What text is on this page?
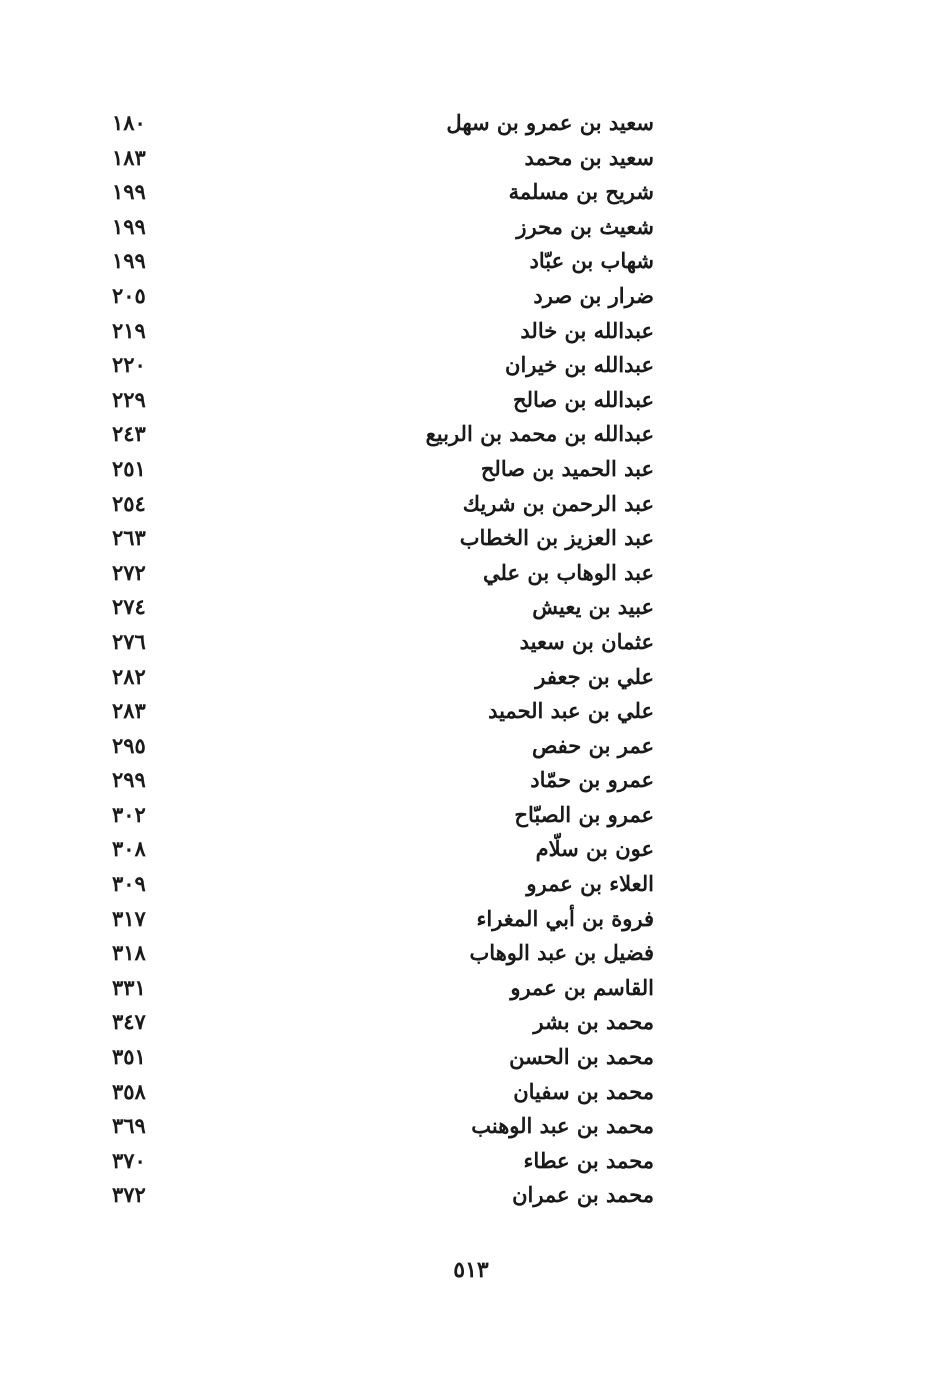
سعيد بن عمرو بن سهل
١٨٠
سعيد بن محمد
١٨٣
شريح بن مسلمة
١٩٩
شعيث بن محرز
١٩٩
شهاب بن عبّاد
١٩٩
ضرار بن صرد
٢٠٥
عبدالله بن خالد
٢١٩
عبدالله بن خيران
٢٢٠
عبدالله بن صالح
٢٢٩
عبدالله بن محمد بن الربيع
٢٤٣
عبد الحميد بن صالح
٢٥١
عبد الرحمن بن شريك
٢٥٤
عبد العزيز بن الخطاب
٢٦٣
عبد الوهاب بن علي
٢٧٢
عبيد بن يعيش
٢٧٤
عثمان بن سعيد
٢٧٦
علي بن جعفر
٢٨٢
علي بن عبد الحميد
٢٨٣
عمر بن حفص
٢٩٥
عمرو بن حمّاد
٢٩٩
عمرو بن الصبّاح
٣٠٢
عون بن سلّام
٣٠٨
العلاء بن عمرو
٣٠٩
فروة بن أبي المغراء
٣١٧
فضيل بن عبد الوهاب
٣١٨
القاسم بن عمرو
٣٣١
محمد بن بشر
٣٤٧
محمد بن الحسن
٣٥١
محمد بن سفيان
٣٥٨
محمد بن عبد الوهنب
٣٦٩
محمد بن عطاء
٣٧٠
محمد بن عمران
٣٧٢
٥١٣
